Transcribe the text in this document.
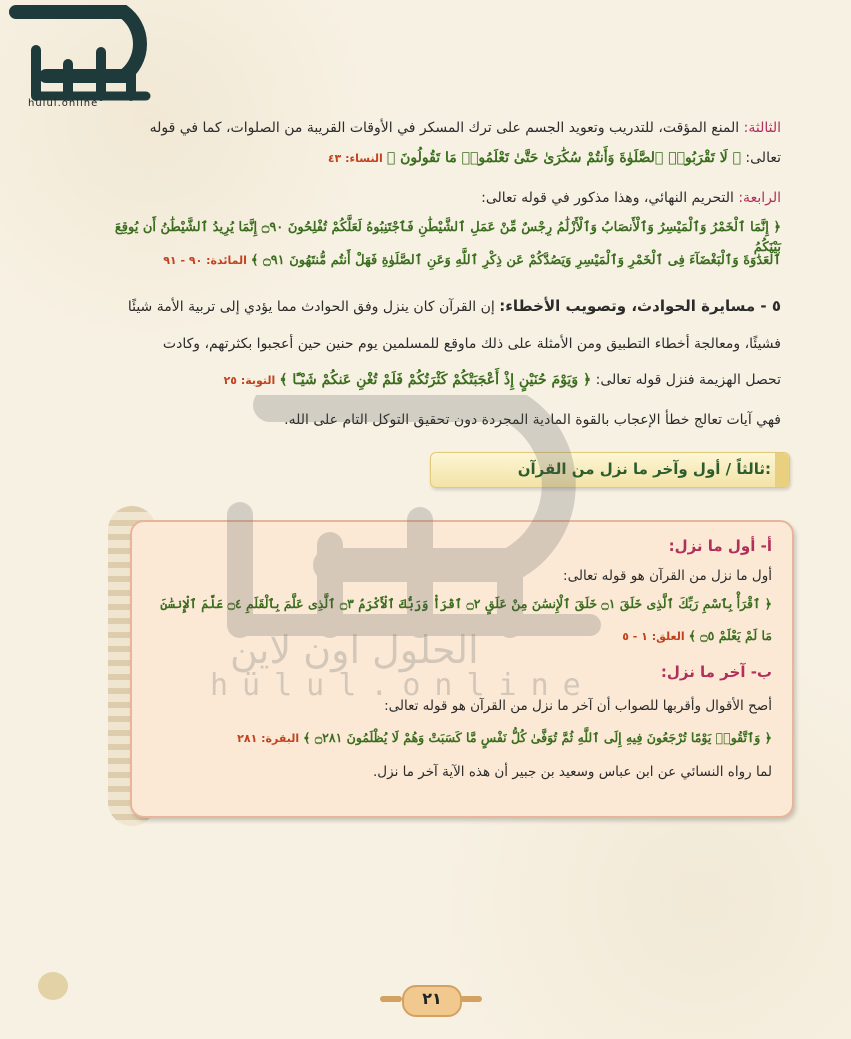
hulul.online
الثالثة: المنع المؤقت، للتدريب وتعويد الجسم على ترك المسكر في الأوقات القريبة من الصلوات، كما في قوله
تعالى: ﴿ لَا تَقْرَبُوا۟ ٱلصَّلَوٰةَ وَأَنتُمْ سُكَٰرَىٰ حَتَّىٰ تَعْلَمُوا۟ مَا تَقُولُونَ ﴾النساء: ٤٣
الرابعة: التحريم النهائي، وهذا مذكور في قوله تعالى:
﴿ إِنَّمَا ٱلْخَمْرُ وَٱلْمَيْسِرُ وَٱلْأَنصَابُ وَٱلْأَزْلَٰمُ رِجْسٌ مِّنْ عَمَلِ ٱلشَّيْطَٰنِ فَٱجْتَنِبُوهُ لَعَلَّكُمْ تُفْلِحُونَ ۝٩٠ إِنَّمَا يُرِيدُ ٱلشَّيْطَٰنُ أَن يُوقِعَ بَيْنَكُمُ
ٱلْعَدَٰوَةَ وَٱلْبَغْضَآءَ فِى ٱلْخَمْرِ وَٱلْمَيْسِرِ وَيَصُدَّكُمْ عَن ذِكْرِ ٱللَّهِ وَعَنِ ٱلصَّلَوٰةِ فَهَلْ أَنتُم مُّنتَهُونَ ۝٩١ ﴾المائدة: ٩٠ - ٩١
٥ - مسايرة الحوادث، وتصويب الأخطاء: إن القرآن كان ينزل وفق الحوادث مما يؤدي إلى تربية الأمة شيئًا
فشيئًا، ومعالجة أخطاء التطبيق ومن الأمثلة على ذلك ماوقع للمسلمين يوم حنين حين أعجبوا بكثرتهم، وكادت
تحصل الهزيمة فنزل قوله تعالى: ﴿ وَيَوْمَ حُنَيْنٍ إِذْ أَعْجَبَتْكُمْ كَثْرَتُكُمْ فَلَمْ تُغْنِ عَنكُمْ شَيْـًٔا ﴾التوبة: ٢٥
فهي آيات تعالج خطأ الإعجاب بالقوة المادية المجردة دون تحقيق التوكل التام على الله.
ثالثاً / أول وآخر ما نزل من القرآن:
أ- أول ما نزل:
أول ما نزل من القرآن هو قوله تعالى:
﴿ ٱقْرَأْ بِٱسْمِ رَبِّكَ ٱلَّذِى خَلَقَ ۝١ خَلَقَ ٱلْإِنسَٰنَ مِنْ عَلَقٍ ۝٢ ٱقْرَأْ وَرَبُّكَ ٱلْأَكْرَمُ ۝٣ ٱلَّذِى عَلَّمَ بِٱلْقَلَمِ ۝٤ عَلَّمَ ٱلْإِنسَٰنَ
مَا لَمْ يَعْلَمْ ۝٥ ﴾العلق: ١ - ٥
ب- آخر ما نزل:
أصح الأقوال وأقربها للصواب أن آخر ما نزل من القرآن هو قوله تعالى:
﴿ وَٱتَّقُوا۟ يَوْمًا تُرْجَعُونَ فِيهِ إِلَى ٱللَّهِ ثُمَّ تُوَفَّىٰ كُلُّ نَفْسٍ مَّا كَسَبَتْ وَهُمْ لَا يُظْلَمُونَ ۝٢٨١ ﴾البقرة: ٢٨١
لما رواه النسائي عن ابن عباس وسعيد بن جبير أن هذه الآية آخر ما نزل.
الحلول اون لاين
hülul.online
٢١
